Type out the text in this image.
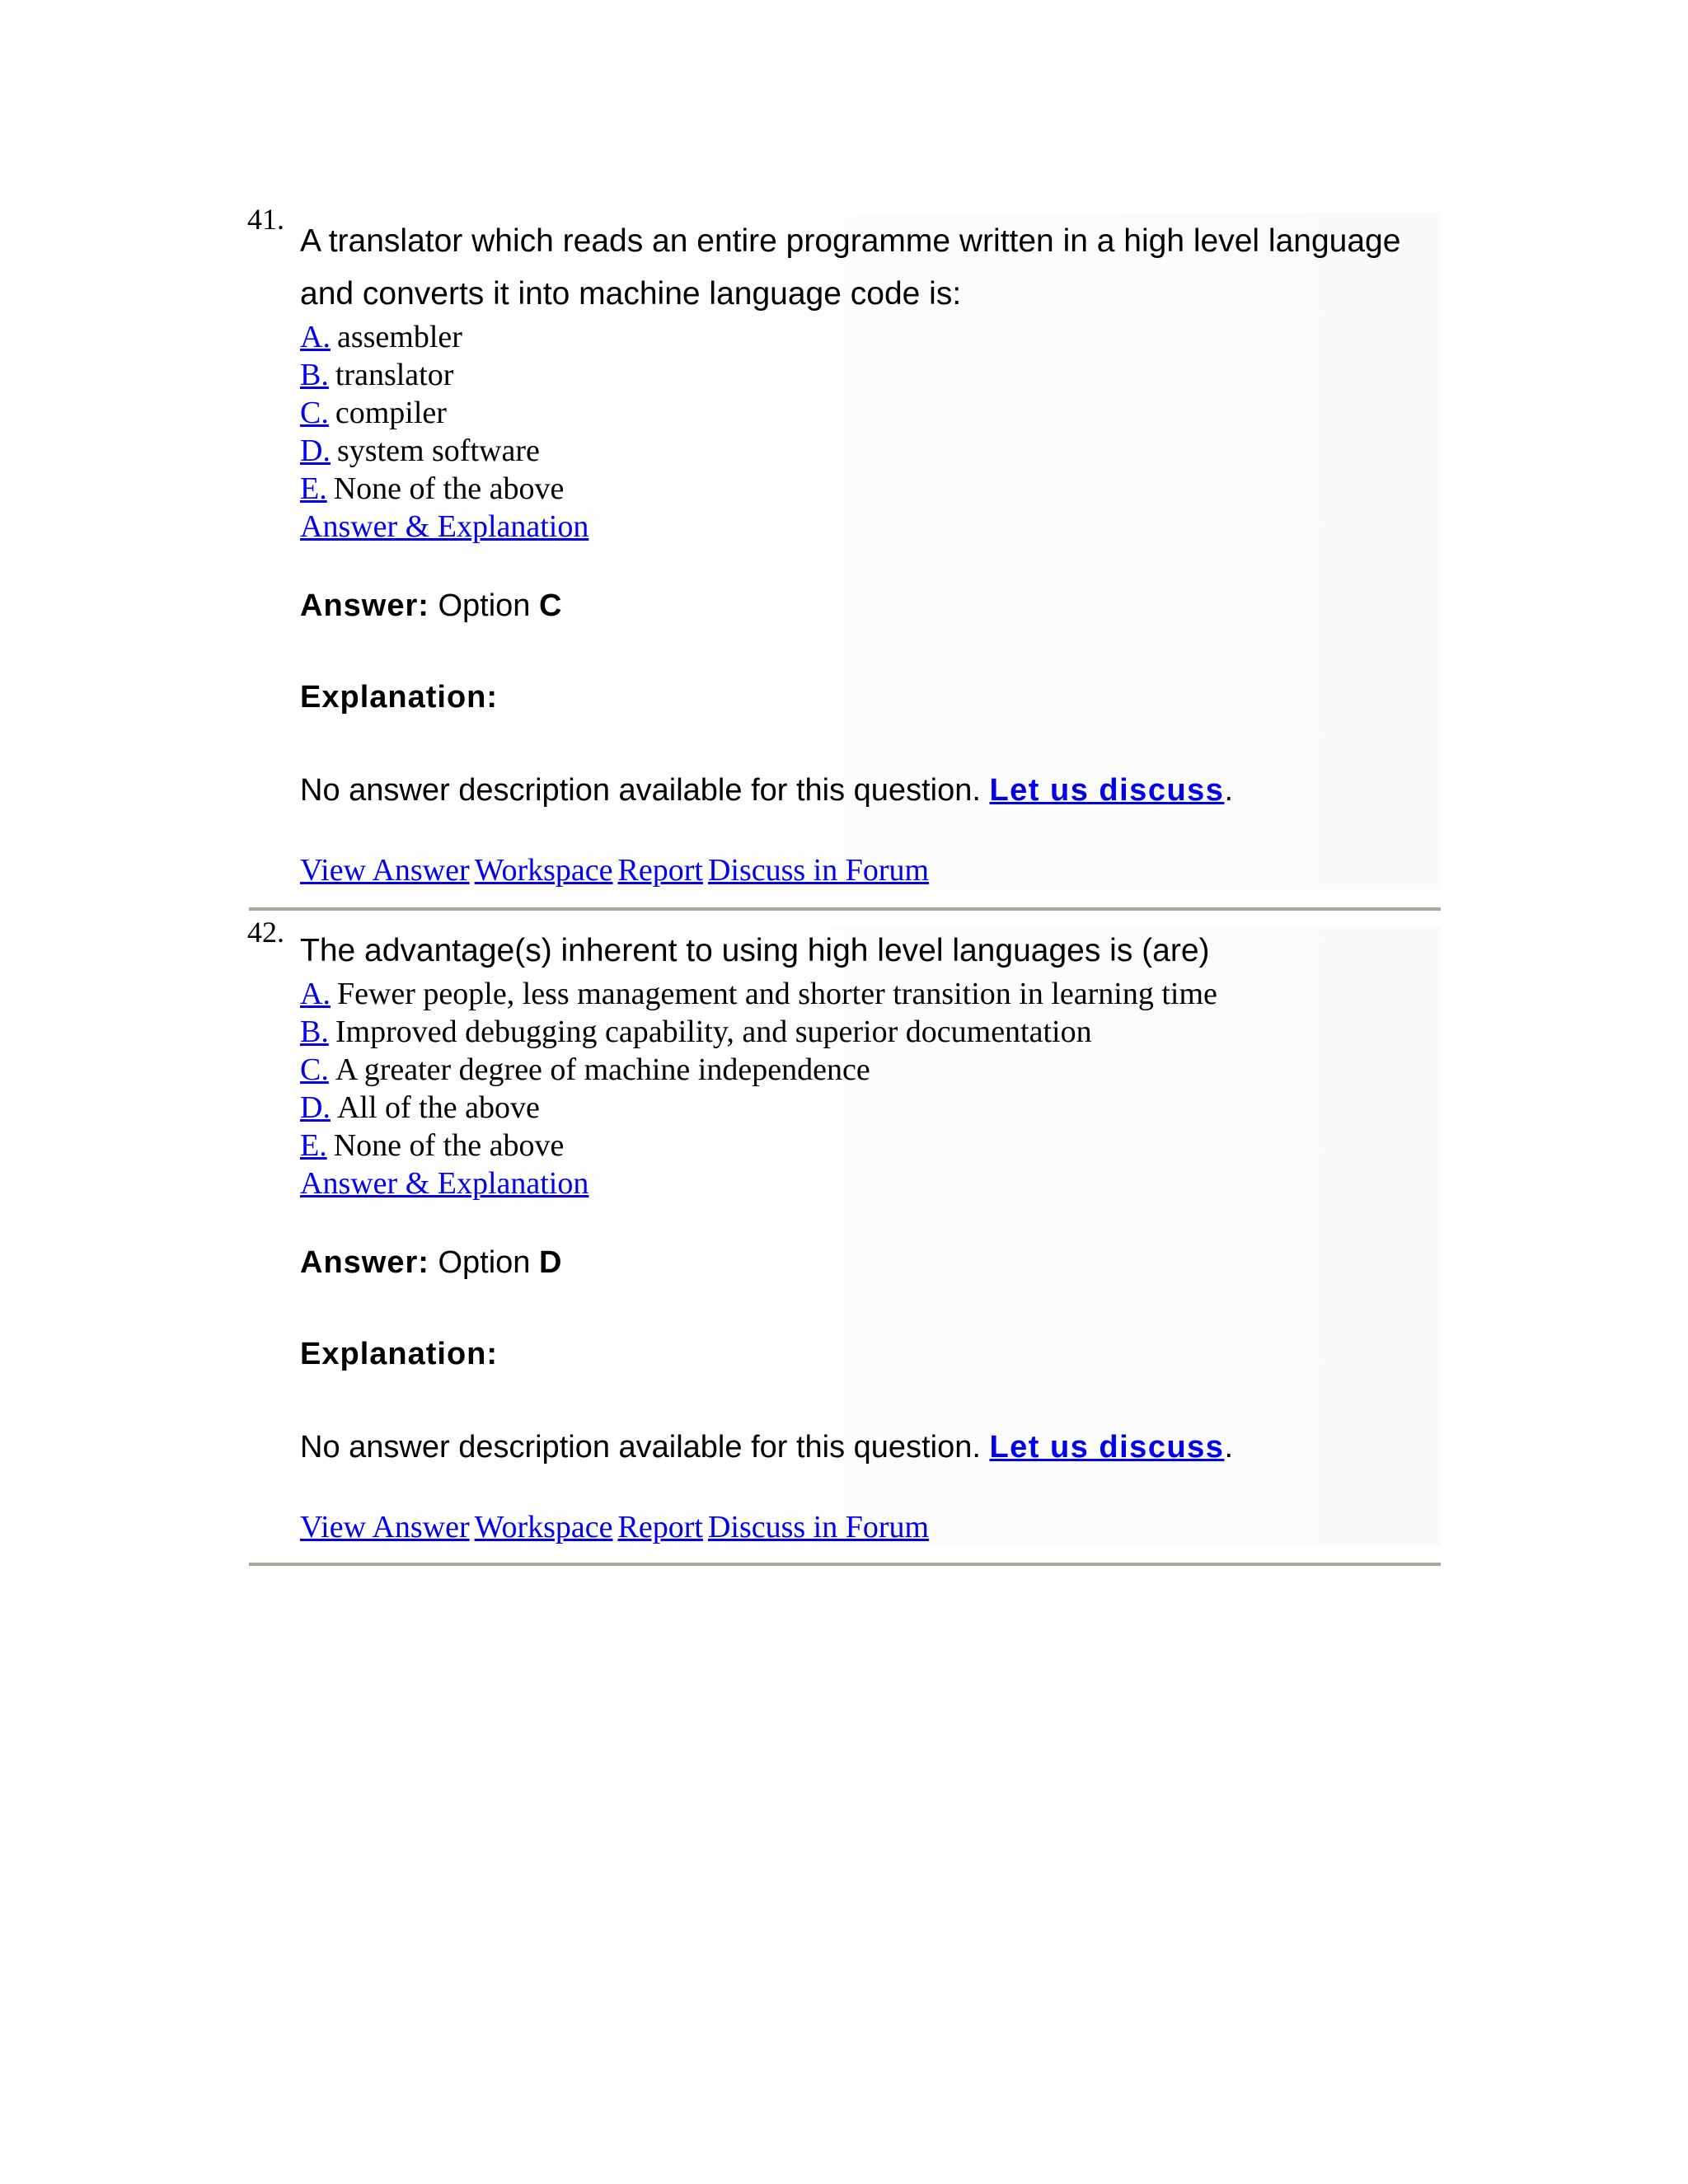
41.

A translator which reads an entire programme written in a high level language

and converts it into machine language code is:

A. assembler
B. translator
C. compiler
D. system software
E. None of the above
Answer & Explanation
Answer: Option C
Explanation:
No answer description available for this question. Let us discuss.
View Answer Workspace Report Discuss in Forum
42.

The advantage(s) inherent to using high level languages is (are)

A. Fewer people, less management and shorter transition in learning time
B. Improved debugging capability, and superior documentation
C. A greater degree of machine independence
D. All of the above
E. None of the above
Answer & Explanation
Answer: Option D
Explanation:
No answer description available for this question. Let us discuss.
View Answer Workspace Report Discuss in Forum
